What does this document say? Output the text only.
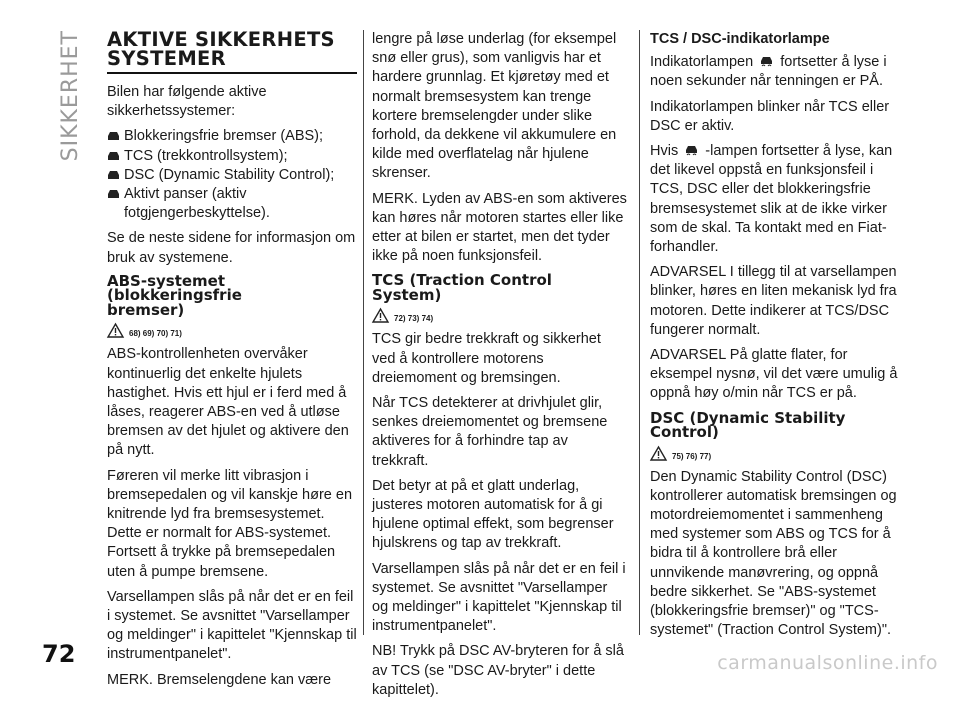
SIKKERHET AKTIVE SIKKERHETS
SYSTEMER

Bilen har følgende aktive sikkerhetssystemer:

Blokkeringsfrie bremser (ABS);
TCS (trekkontrollsystem);
DSC (Dynamic Stability Control);
Aktivt panser (aktiv fotgjengerbeskyttelse).

Se de neste sidene for informasjon om bruk av systemene.

ABS-systemet
(blokkeringsfrie
bremser)
68) 69) 70) 71)

ABS-kontrollenheten overvåker kontinuerlig det enkelte hjulets hastighet. Hvis ett hjul er i ferd med å låses, reagerer ABS-en ved å utløse bremsen av det hjulet og aktivere den på nytt.

Føreren vil merke litt vibrasjon i bremsepedalen og vil kanskje høre en knitrende lyd fra bremsesystemet. Dette er normalt for ABS-systemet. Fortsett å trykke på bremsepedalen uten å pumpe bremsene.

Varsellampen slås på når det er en feil i systemet. Se avsnittet "Varsellamper og meldinger" i kapittelet "Kjennskap til instrumentpanelet".

MERK. Bremselengdene kan være

lengre på løse underlag (for eksempel snø eller grus), som vanligvis har et hardere grunnlag. Et kjøretøy med et normalt bremsesystem kan trenge kortere bremselengder under slike forhold, da dekkene vil akkumulere en kilde med overflatelag når hjulene skrenser.

MERK. Lyden av ABS-en som aktiveres kan høres når motoren startes eller like etter at bilen er startet, men det tyder ikke på noen funksjonsfeil.

TCS (Traction Control
System)
72) 73) 74)

TCS gir bedre trekkraft og sikkerhet ved å kontrollere motorens dreiemoment og bremsingen.

Når TCS detekterer at drivhjulet glir, senkes dreiemomentet og bremsene aktiveres for å forhindre tap av trekkraft.

Det betyr at på et glatt underlag, justeres motoren automatisk for å gi hjulene optimal effekt, som begrenser hjulskrens og tap av trekkraft.

Varsellampen slås på når det er en feil i systemet. Se avsnittet "Varsellamper og meldinger" i kapittelet "Kjennskap til instrumentpanelet".

NB! Trykk på DSC AV-bryteren for å slå av TCS (se "DSC AV-bryter" i dette kapittelet).

TCS / DSC-indikatorlampe

Indikatorlampen fortsetter å lyse i noen sekunder når tenningen er PÅ.

Indikatorlampen blinker når TCS eller DSC er aktiv.

Hvis -lampen fortsetter å lyse, kan det likevel oppstå en funksjonsfeil i TCS, DSC eller det blokkeringsfrie bremsesystemet slik at de ikke virker som de skal. Ta kontakt med en Fiat-forhandler.

ADVARSEL I tillegg til at varsellampen blinker, høres en liten mekanisk lyd fra motoren. Dette indikerer at TCS/DSC fungerer normalt.

ADVARSEL På glatte flater, for eksempel nysnø, vil det være umulig å oppnå høy o/min når TCS er på.

DSC (Dynamic Stability
Control)
75) 76) 77)

Den Dynamic Stability Control (DSC) kontrollerer automatisk bremsingen og motordreiemomentet i sammenheng med systemer som ABS og TCS for å bidra til å kontrollere brå eller unnvikende manøvrering, og oppnå bedre sikkerhet. Se "ABS-systemet (blokkeringsfrie bremser)" og "TCS-systemet" (Traction Control System)".

72	carmanualsonline.info
